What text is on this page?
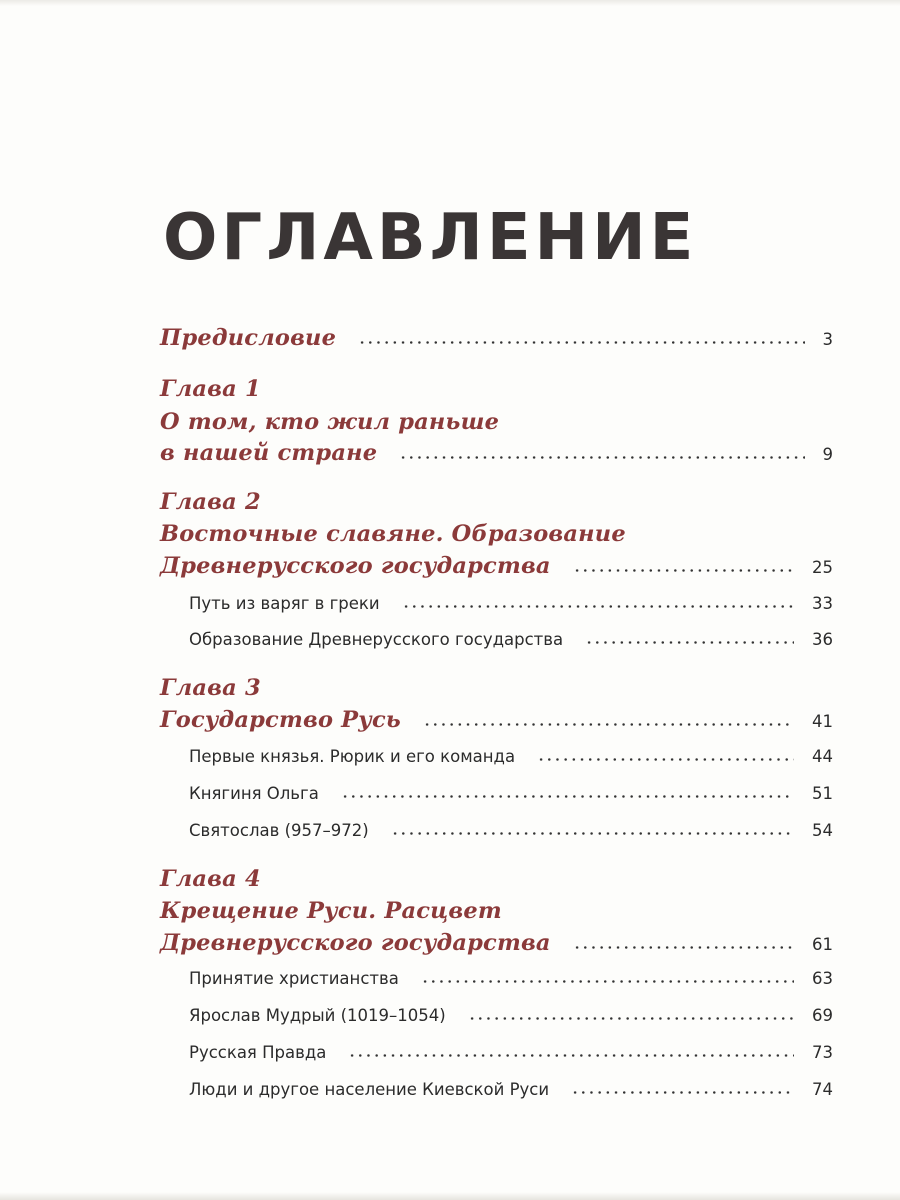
ОГЛАВЛЕНИЕ
Предисловие	3
Глава 1
О том, кто жил раньше
в нашей стране	9
Глава 2
Восточные славяне. Образование
Древнерусского государства	25
Путь из варяг в греки	33
Образование Древнерусского государства	36
Глава 3
Государство Русь	41
Первые князья. Рюрик и его команда	44
Княгиня Ольга	51
Святослав (957–972)	54
Глава 4
Крещение Руси. Расцвет
Древнерусского государства	61
Принятие христианства	63
Ярослав Мудрый (1019–1054)	69
Русская Правда	73
Люди и другое население Киевской Руси	74
